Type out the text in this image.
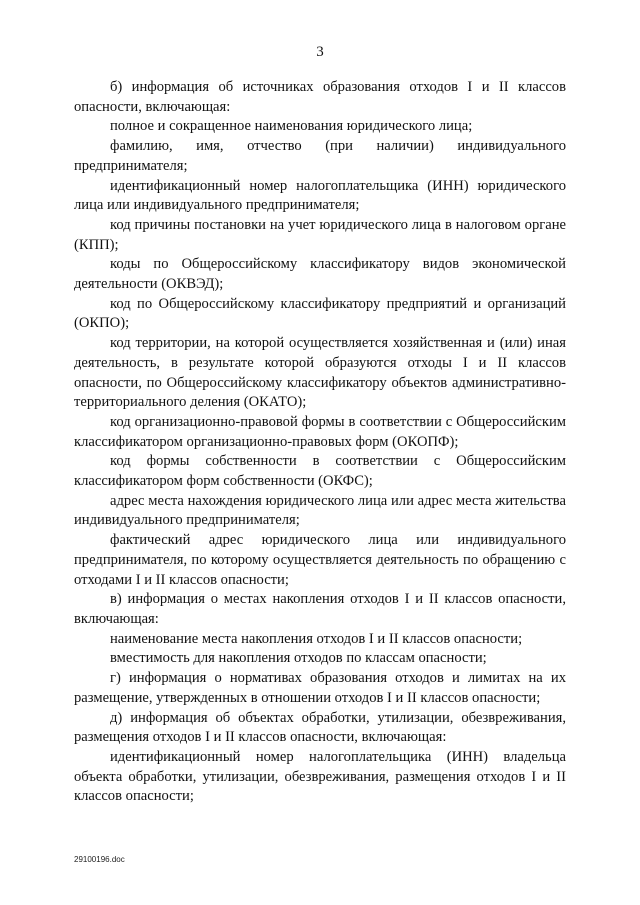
3

б) информация об источниках образования отходов I и II классов опасности, включающая:

полное и сокращенное наименования юридического лица;

фамилию, имя, отчество (при наличии) индивидуального предпринимателя;

идентификационный номер налогоплательщика (ИНН) юридического лица или индивидуального предпринимателя;

код причины постановки на учет юридического лица в налоговом органе (КПП);

коды по Общероссийскому классификатору видов экономической деятельности (ОКВЭД);

код по Общероссийскому классификатору предприятий и организаций (ОКПО);

код территории, на которой осуществляется хозяйственная и (или) иная деятельность, в результате которой образуются отходы I и II классов опасности, по Общероссийскому классификатору объектов административно-территориального деления (ОКАТО);

код организационно-правовой формы в соответствии с Общероссийским классификатором организационно-правовых форм (ОКОПФ);

код формы собственности в соответствии с Общероссийским классификатором форм собственности (ОКФС);

адрес места нахождения юридического лица или адрес места жительства индивидуального предпринимателя;

фактический адрес юридического лица или индивидуального предпринимателя, по которому осуществляется деятельность по обращению с отходами I и II классов опасности;

в) информация о местах накопления отходов I и II классов опасности, включающая:

наименование места накопления отходов I и II классов опасности;

вместимость для накопления отходов по классам опасности;

г) информация о нормативах образования отходов и лимитах на их размещение, утвержденных в отношении отходов I и II классов опасности;

д) информация об объектах обработки, утилизации, обезвреживания, размещения отходов I и II классов опасности, включающая:

идентификационный номер налогоплательщика (ИНН) владельца объекта обработки, утилизации, обезвреживания, размещения отходов I и II классов опасности;

29100196.doc
